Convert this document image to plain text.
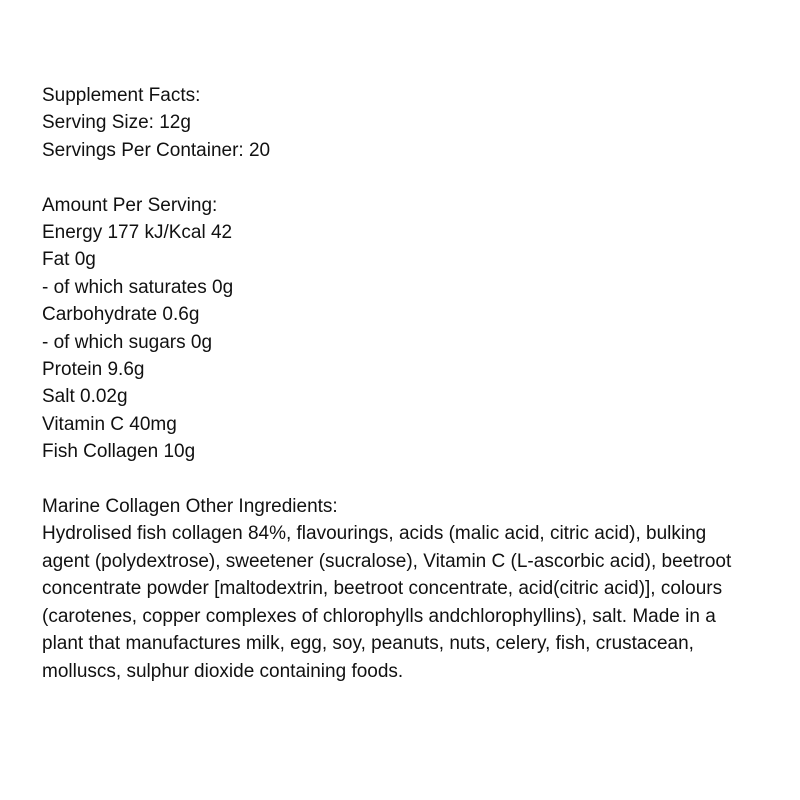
Supplement Facts:
Serving Size: 12g
Servings Per Container: 20
Amount Per Serving:
Energy 177 kJ/Kcal 42
Fat 0g
- of which saturates 0g
Carbohydrate 0.6g
- of which sugars 0g
Protein 9.6g
Salt 0.02g
Vitamin C 40mg
Fish Collagen 10g
Marine Collagen Other Ingredients:
Hydrolised fish collagen 84%, flavourings, acids (malic acid, citric acid), bulking agent (polydextrose), sweetener (sucralose), Vitamin C (L-ascorbic acid), beetroot concentrate powder [maltodextrin, beetroot concentrate, acid(citric acid)], colours (carotenes, copper complexes of chlorophylls andchlorophyllins), salt. Made in a plant that manufactures milk, egg, soy, peanuts, nuts, celery, fish, crustacean, molluscs, sulphur dioxide containing foods.
